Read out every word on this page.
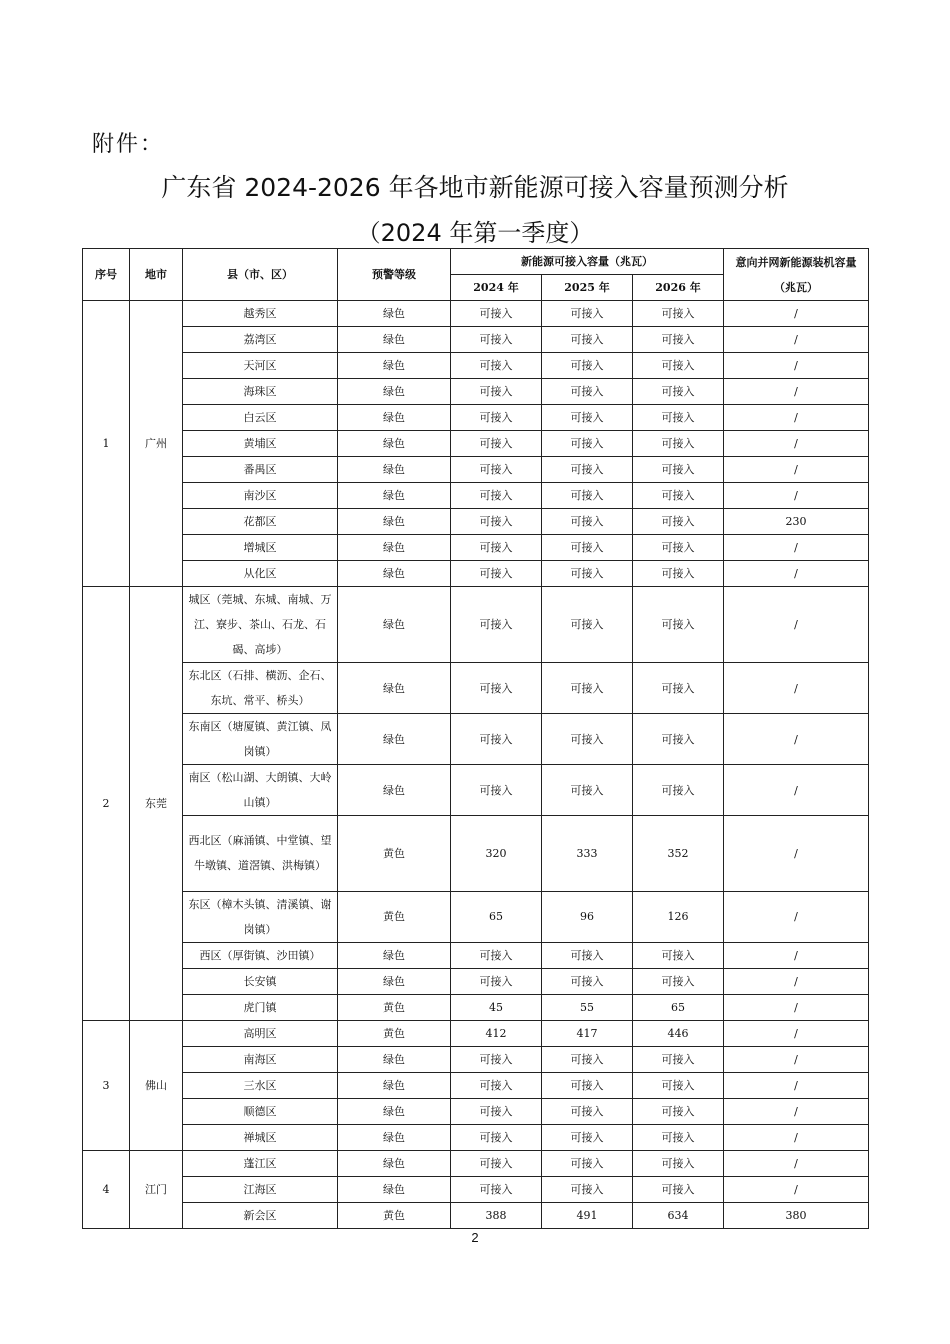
附件：
广东省 2024-2026 年各地市新能源可接入容量预测分析
（2024 年第一季度）
序号	地市	县（市、区）	预警等级	新能源可接入容量（兆瓦）			意向并网新能源装机容量（兆瓦）
				2024 年	2025 年	2026 年	
1	广州	越秀区	绿色	可接入	可接入	可接入	/
		荔湾区	绿色	可接入	可接入	可接入	/
		天河区	绿色	可接入	可接入	可接入	/
		海珠区	绿色	可接入	可接入	可接入	/
		白云区	绿色	可接入	可接入	可接入	/
		黄埔区	绿色	可接入	可接入	可接入	/
		番禺区	绿色	可接入	可接入	可接入	/
		南沙区	绿色	可接入	可接入	可接入	/
		花都区	绿色	可接入	可接入	可接入	230
		增城区	绿色	可接入	可接入	可接入	/
		从化区	绿色	可接入	可接入	可接入	/
2	东莞	城区（莞城、东城、南城、万江、寮步、茶山、石龙、石碣、高埗）	绿色	可接入	可接入	可接入	/
		东北区（石排、横沥、企石、东坑、常平、桥头）	绿色	可接入	可接入	可接入	/
		东南区（塘厦镇、黄江镇、凤岗镇）	绿色	可接入	可接入	可接入	/
		南区（松山湖、大朗镇、大岭山镇）	绿色	可接入	可接入	可接入	/
		西北区（麻涌镇、中堂镇、望牛墩镇、道滘镇、洪梅镇）	黄色	320	333	352	/
		东区（樟木头镇、清溪镇、谢岗镇）	黄色	65	96	126	/
		西区（厚街镇、沙田镇）	绿色	可接入	可接入	可接入	/
		长安镇	绿色	可接入	可接入	可接入	/
		虎门镇	黄色	45	55	65	/
3	佛山	高明区	黄色	412	417	446	/
		南海区	绿色	可接入	可接入	可接入	/
		三水区	绿色	可接入	可接入	可接入	/
		顺德区	绿色	可接入	可接入	可接入	/
		禅城区	绿色	可接入	可接入	可接入	/
4	江门	蓬江区	绿色	可接入	可接入	可接入	/
		江海区	绿色	可接入	可接入	可接入	/
		新会区	黄色	388	491	634	380
2
